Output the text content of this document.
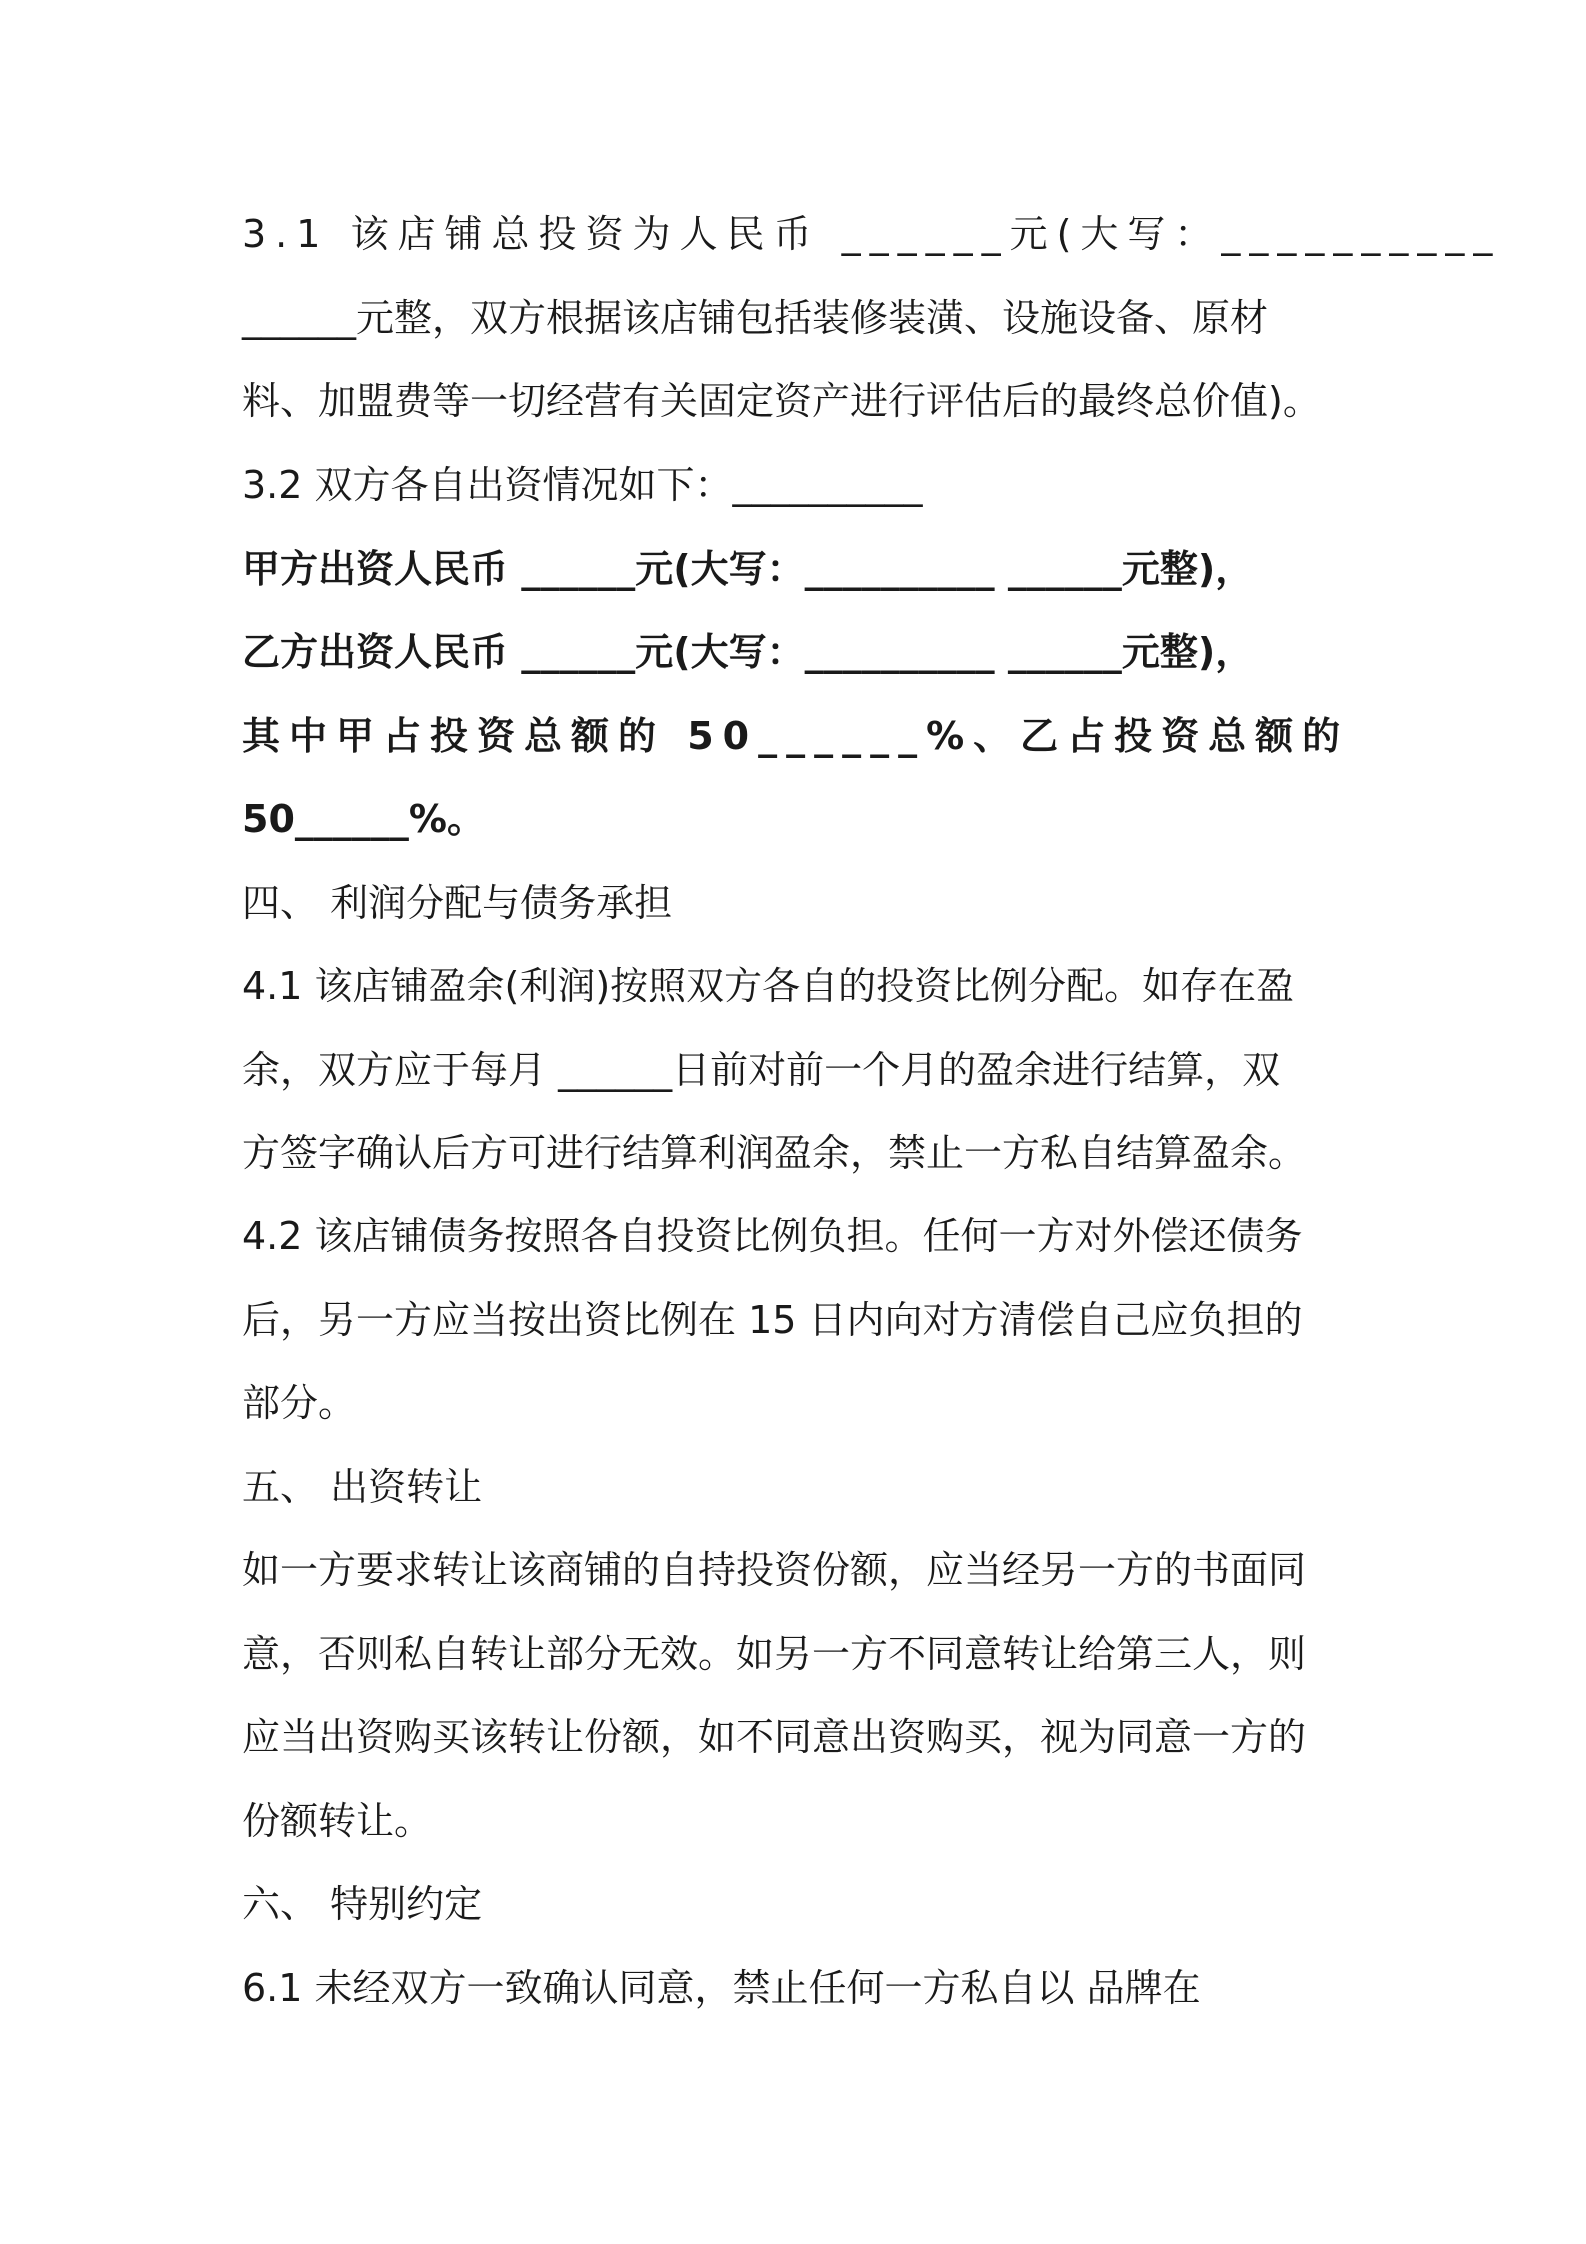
3.1 该店铺总投资为人民币 ______元(大写：__________
______元整，双方根据该店铺包括装修装潢、设施设备、原材
料、加盟费等一切经营有关固定资产进行评估后的最终总价值)。
3.2 双方各自出资情况如下：__________
甲方出资人民币 ______元(大写：__________ ______元整)，
乙方出资人民币 ______元(大写：__________ ______元整)，
其中甲占投资总额的 50______%、乙占投资总额的
50______%。
四、 利润分配与债务承担
4.1 该店铺盈余(利润)按照双方各自的投资比例分配。如存在盈
余，双方应于每月 ______日前对前一个月的盈余进行结算，双
方签字确认后方可进行结算利润盈余，禁止一方私自结算盈余。
4.2 该店铺债务按照各自投资比例负担。任何一方对外偿还债务
后，另一方应当按出资比例在 15 日内向对方清偿自己应负担的
部分。
五、 出资转让
如一方要求转让该商铺的自持投资份额，应当经另一方的书面同
意，否则私自转让部分无效。如另一方不同意转让给第三人，则
应当出资购买该转让份额，如不同意出资购买，视为同意一方的
份额转让。
六、 特别约定
6.1 未经双方一致确认同意，禁止任何一方私自以 品牌在
